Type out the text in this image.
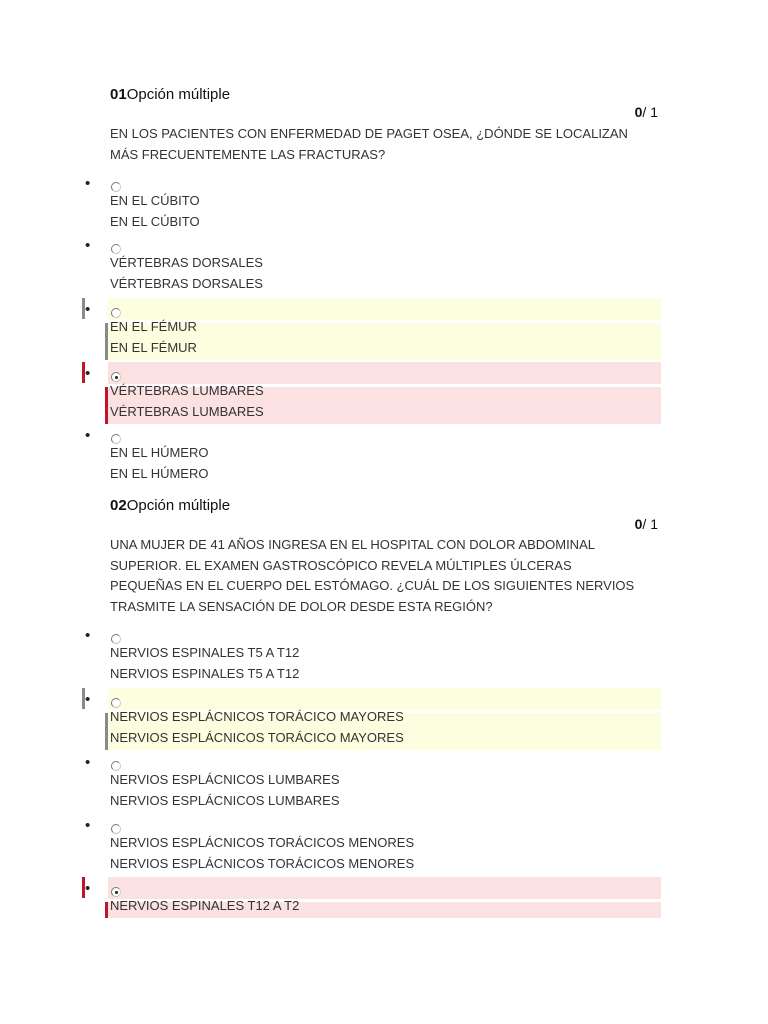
01Opción múltiple
0/ 1
EN LOS PACIENTES CON ENFERMEDAD DE PAGET OSEA, ¿DÓNDE SE LOCALIZAN
MÁS FRECUENTEMENTE LAS FRACTURAS?
•
EN EL CÚBITO
EN EL CÚBITO
•
VÉRTEBRAS DORSALES
VÉRTEBRAS DORSALES
•
EN EL FÉMUR
EN EL FÉMUR
•
VÉRTEBRAS LUMBARES
VÉRTEBRAS LUMBARES
•
EN EL HÚMERO
EN EL HÚMERO
02Opción múltiple
0/ 1
UNA MUJER DE 41 AÑOS INGRESA EN EL HOSPITAL CON DOLOR ABDOMINAL
SUPERIOR. EL EXAMEN GASTROSCÓPICO REVELA MÚLTIPLES ÚLCERAS
PEQUEÑAS EN EL CUERPO DEL ESTÓMAGO. ¿CUÁL DE LOS SIGUIENTES NERVIOS
TRASMITE LA SENSACIÓN DE DOLOR DESDE ESTA REGIÓN?
•
NERVIOS ESPINALES T5 A T12
NERVIOS ESPINALES T5 A T12
•
NERVIOS ESPLÁCNICOS TORÁCICO MAYORES
NERVIOS ESPLÁCNICOS TORÁCICO MAYORES
•
NERVIOS ESPLÁCNICOS LUMBARES
NERVIOS ESPLÁCNICOS LUMBARES
•
NERVIOS ESPLÁCNICOS TORÁCICOS MENORES
NERVIOS ESPLÁCNICOS TORÁCICOS MENORES
•
NERVIOS ESPINALES T12 A T2
